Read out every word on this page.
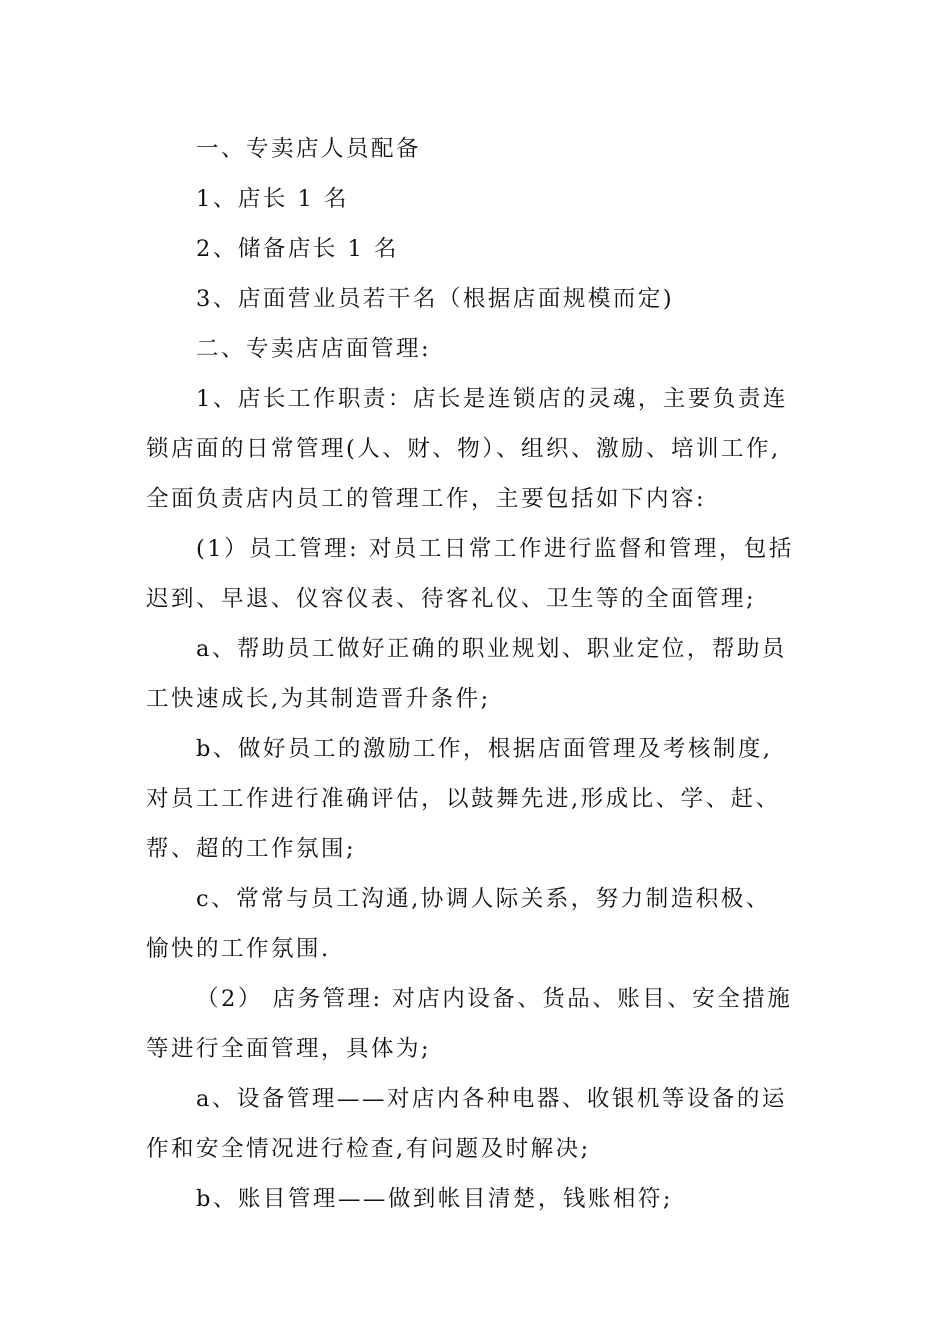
一、专卖店人员配备

1、店长 1 名

2、储备店长 1 名

3、店面营业员若干名（根据店面规模而定)

二、专卖店店面管理:

1、店长工作职责：店长是连锁店的灵魂，主要负责连

锁店面的日常管理(人、财、物）、组织、激励、培训工作,

全面负责店内员工的管理工作，主要包括如下内容:

(1）员工管理: 对员工日常工作进行监督和管理，包括

迟到、早退、仪容仪表、待客礼仪、卫生等的全面管理;

a、帮助员工做好正确的职业规划、职业定位，帮助员

工快速成长,为其制造晋升条件;

b、做好员工的激励工作，根据店面管理及考核制度,

对员工工作进行准确评估，以鼓舞先进,形成比、学、赶、

帮、超的工作氛围;

c、常常与员工沟通,协调人际关系，努力制造积极、

愉快的工作氛围.

（2） 店务管理: 对店内设备、货品、账目、安全措施

等进行全面管理，具体为;

a、设备管理——对店内各种电器、收银机等设备的运

作和安全情况进行检查,有问题及时解决;

b、账目管理——做到帐目清楚，钱账相符;
